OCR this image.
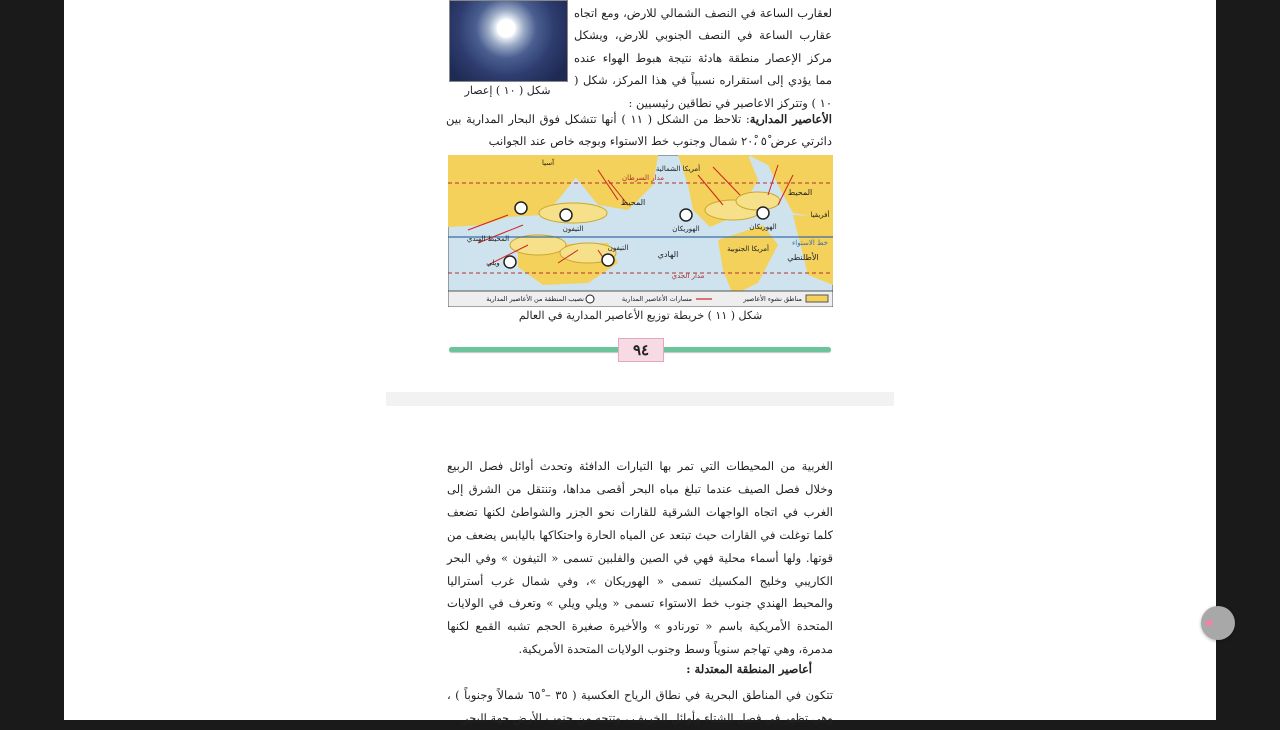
شكل ( ١٠ ) إعصار
لعقارب الساعة في النصف الشمالي للارض، ومع اتجاه عقارب الساعة في النصف الجنوبي للارض، ويشكل مركز الإعصار منطقة هادئة نتيجة هبوط الهواء عنده مما يؤدي إلى استقراره نسبياً في هذا المركز، شكل ( ١٠ ) وتتركز الاعاصير في نطاقين رئيسيين :
الأعاصير المدارية: تلاحظ من الشكل ( ١١ ) أنها تتشكل فوق البحار المدارية بين دائرتي عرض ٥ْ ،٢٠ْ شمال وجنوب خط الاستواء وبوجه خاص عند الجوانب
آسيا
أمريكا الشمالية
مدار السرطان
المحيط
المحيط
أفريقيا
التيفون	الهوريكان	الهوريكان
المحيط الهندي
التيفون	أمريكا الجنوبية
خط الاستواء
ويلي
الهادي	الأطلنطي
مدار الجدي
مناطق نشوء الأعاصير
مسارات الأعاصير المدارية
نصيب المنطقة من الأعاصير المدارية
شكل ( ١١ ) خريطة توزيع الأعاصير المدارية في العالم
٩٤
الغربية من المحيطات التي تمر بها التيارات الدافئة وتحدث أوائل فصل الربيع وخلال فصل الصيف عندما تبلغ مياه البحر أقصى مداها، وتنتقل من الشرق إلى الغرب في اتجاه الواجهات الشرقية للقارات نحو الجزر والشواطئ لكنها تضعف كلما توغلت في القارات حيث تبتعد عن المياه الحارة واحتكاكها باليابس يضعف من قوتها. ولها أسماء محلية فهي في الصين والفلبين تسمى « التيفون » وفي البحر الكاريبي وخليج المكسيك تسمى « الهوريكان »، وفي شمال غرب أستراليا والمحيط الهندي جنوب خط الاستواء تسمى « ويلي ويلي » وتعرف في الولايات المتحدة الأمريكية باسم « تورنادو » والأخيرة صغيرة الحجم تشبه القمع لكنها مدمرة، وهي تهاجم سنوياً وسط وجنوب الولايات المتحدة الأمريكية.
أعاصير المنطقة المعتدلة :
تتكون في المناطق البحرية في نطاق الرياح العكسية ( ٣٥ – ٦٥ْ شمالاً وجنوباً ) ، وهي تظهر في فصل الشتاء وأوائل الخريف ، وتتجه من جنوب الأرض جهة البحر
